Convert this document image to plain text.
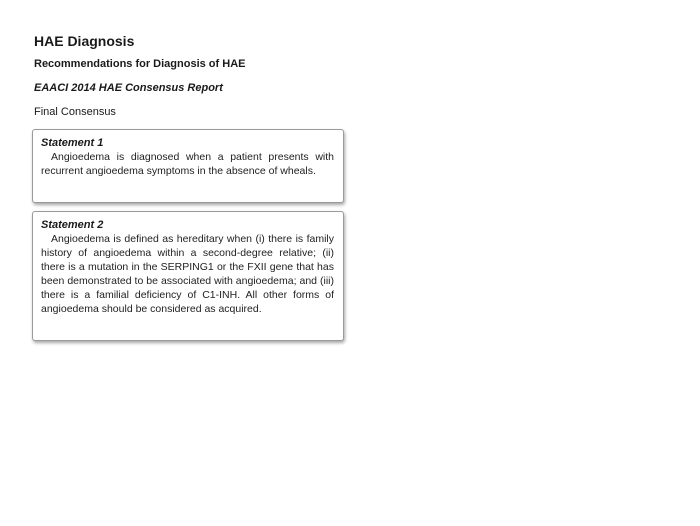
HAE Diagnosis
Recommendations for Diagnosis of HAE
EAACI 2014 HAE Consensus Report
Final Consensus
Statement 1
Angioedema is diagnosed when a patient presents with recurrent angioedema symptoms in the absence of wheals.
Statement 2
Angioedema is defined as hereditary when (i) there is family history of angioedema within a second-degree relative; (ii) there is a mutation in the SERPING1 or the FXII gene that has been demonstrated to be associated with angioedema; and (iii) there is a familial deficiency of C1-INH. All other forms of angioedema should be considered as acquired.
